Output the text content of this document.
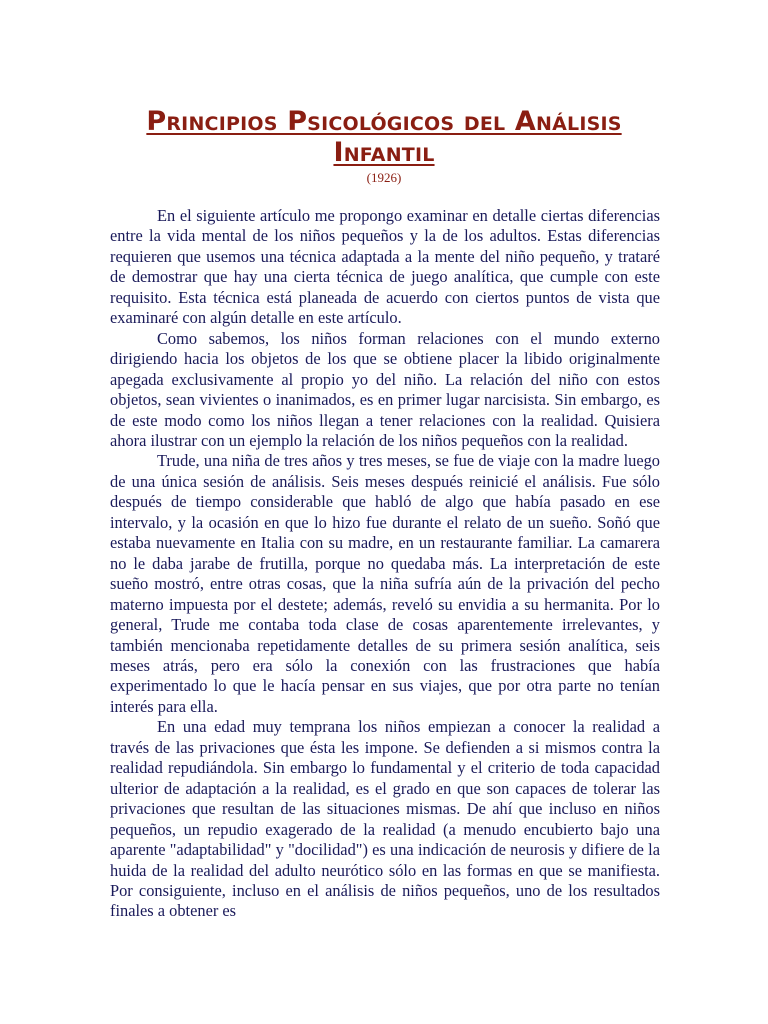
Principios Psicológicos del Análisis Infantil
(1926)

En el siguiente artículo me propongo examinar en detalle ciertas diferencias entre la vida mental de los niños pequeños y la de los adultos. Estas diferencias requieren que usemos una técnica adaptada a la mente del niño pequeño, y trataré de demostrar que hay una cierta técnica de juego analítica, que cumple con este requisito. Esta técnica está planeada de acuerdo con ciertos puntos de vista que examinaré con algún detalle en este artículo.

Como sabemos, los niños forman relaciones con el mundo externo dirigiendo hacia los objetos de los que se obtiene placer la libido originalmente apegada exclusivamente al propio yo del niño. La relación del niño con estos objetos, sean vivientes o inanimados, es en primer lugar narcisista. Sin embargo, es de este modo como los niños llegan a tener relaciones con la realidad. Quisiera ahora ilustrar con un ejemplo la relación de los niños pequeños con la realidad.

Trude, una niña de tres años y tres meses, se fue de viaje con la madre luego de una única sesión de análisis. Seis meses después reinicié el análisis. Fue sólo después de tiempo considerable que habló de algo que había pasado en ese intervalo, y la ocasión en que lo hizo fue durante el relato de un sueño. Soñó que estaba nuevamente en Italia con su madre, en un restaurante familiar. La camarera no le daba jarabe de frutilla, porque no quedaba más. La interpretación de este sueño mostró, entre otras cosas, que la niña sufría aún de la privación del pecho materno impuesta por el destete; además, reveló su envidia a su hermanita. Por lo general, Trude me contaba toda clase de cosas aparentemente irrelevantes, y también mencionaba repetidamente detalles de su primera sesión analítica, seis meses atrás, pero era sólo la conexión con las frustraciones que había experimentado lo que le hacía pensar en sus viajes, que por otra parte no tenían interés para ella.

En una edad muy temprana los niños empiezan a conocer la realidad a través de las privaciones que ésta les impone. Se defienden a si mismos contra la realidad repudiándola. Sin embargo lo fundamental y el criterio de toda capacidad ulterior de adaptación a la realidad, es el grado en que son capaces de tolerar las privaciones que resultan de las situaciones mismas. De ahí que incluso en niños pequeños, un repudio exagerado de la realidad (a menudo encubierto bajo una aparente "adaptabilidad" y "docilidad") es una indicación de neurosis y difiere de la huida de la realidad del adulto neurótico sólo en las formas en que se manifiesta. Por consiguiente, incluso en el análisis de niños pequeños, uno de los resultados finales a obtener es
